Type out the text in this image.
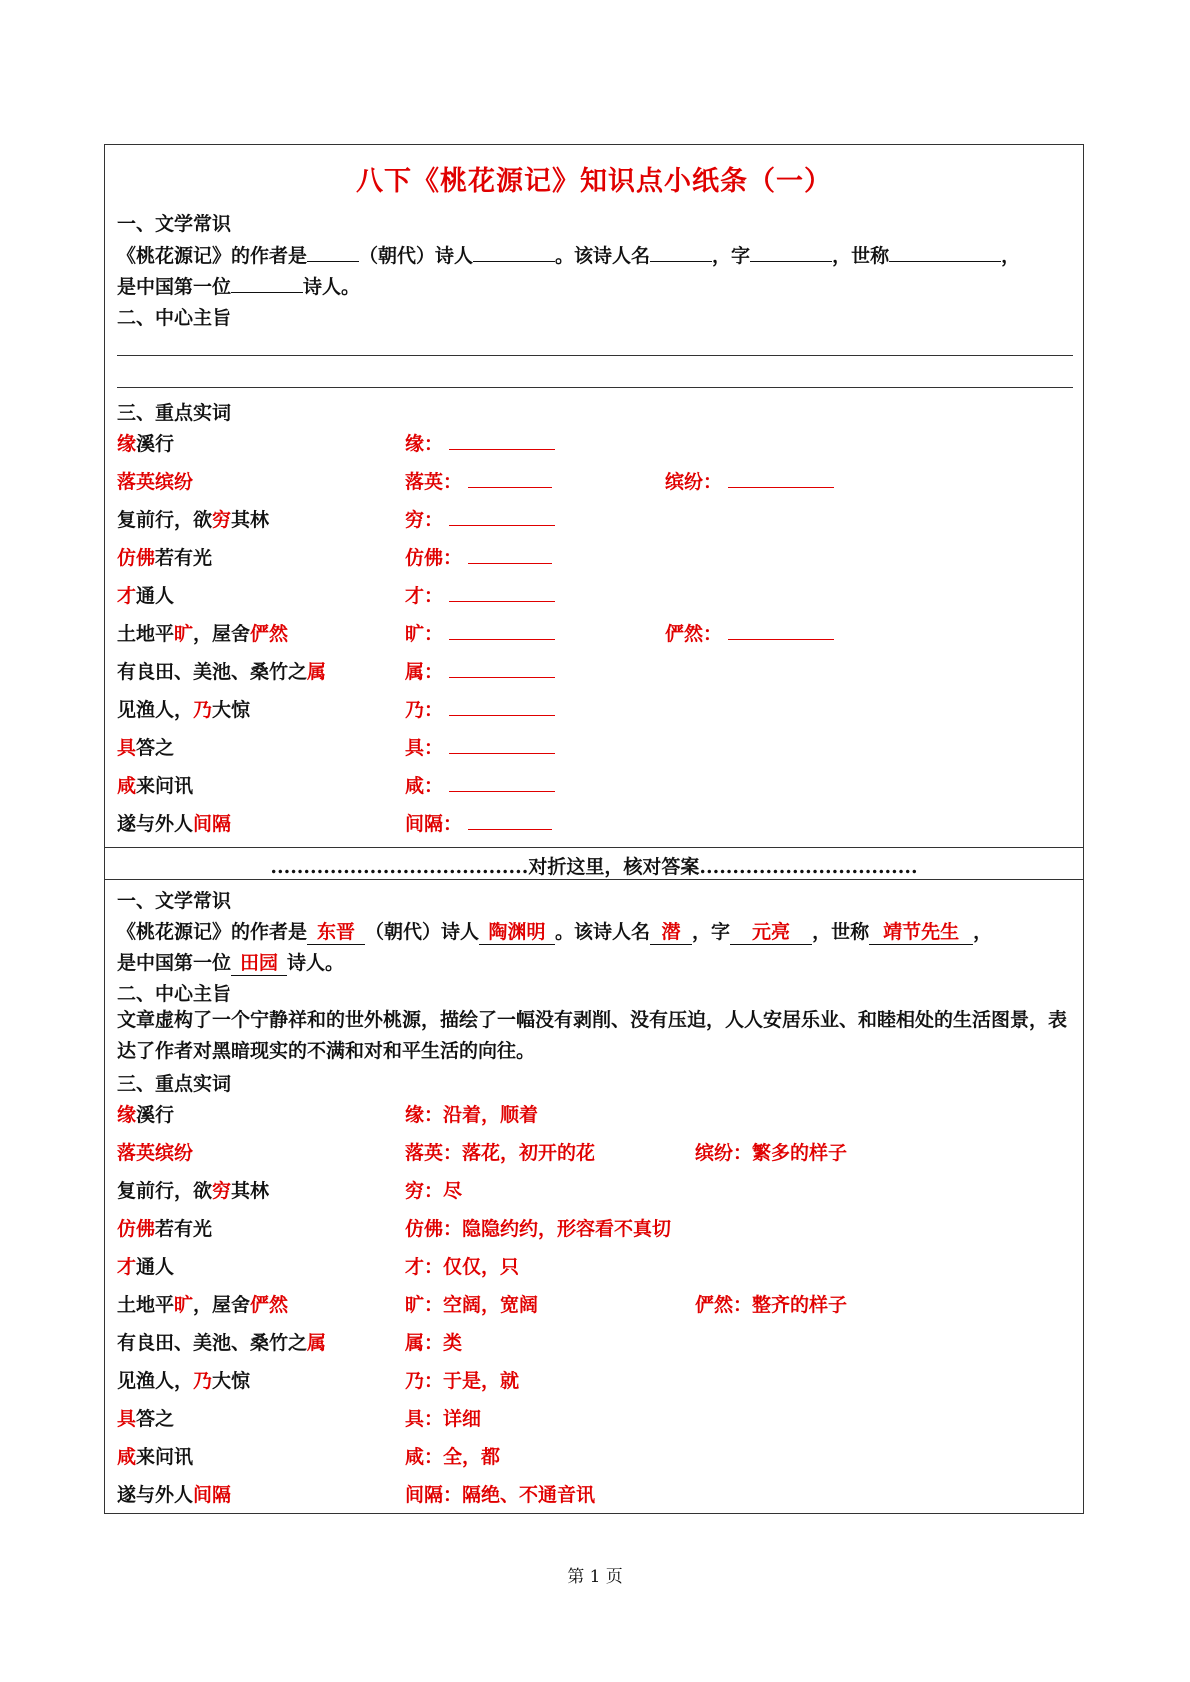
八下《桃花源记》知识点小纸条（一）
一、文学常识
《桃花源记》的作者是	（朝代）诗人	。该诗人名	，字	，世称	，
是中国第一位	诗人。
二、中心主旨
三、重点实词
缘溪行	缘：
落英缤纷	落英：	缤纷：
复前行，欲穷其林	穷：
仿佛若有光	仿佛：
才通人	才：
土地平旷，屋舍俨然	旷：	俨然：
有良田、美池、桑竹之属	属：
见渔人，乃大惊	乃：
具答之	具：
咸来问讯	咸：
遂与外人间隔	间隔：
.......................................对折这里，核对答案.................................
一、文学常识
《桃花源记》的作者是 东晋 （朝代）诗人 陶渊明 。该诗人名 潜 ，字 元亮 ，世称 靖节先生 ，
是中国第一位 田园 诗人。
二、中心主旨
文章虚构了一个宁静祥和的世外桃源，描绘了一幅没有剥削、没有压迫，人人安居乐业、和睦相处的生活图景，表达了作者对黑暗现实的不满和对和平生活的向往。
三、重点实词
缘溪行	缘：沿着，顺着
落英缤纷	落英：落花，初开的花	缤纷：繁多的样子
复前行，欲穷其林	穷：尽
仿佛若有光	仿佛：隐隐约约，形容看不真切
才通人	才：仅仅，只
土地平旷，屋舍俨然	旷：空阔，宽阔	俨然：整齐的样子
有良田、美池、桑竹之属	属：类
见渔人，乃大惊	乃：于是，就
具答之	具：详细
咸来问讯	咸：全，都
遂与外人间隔	间隔：隔绝、不通音讯
第 1 页
